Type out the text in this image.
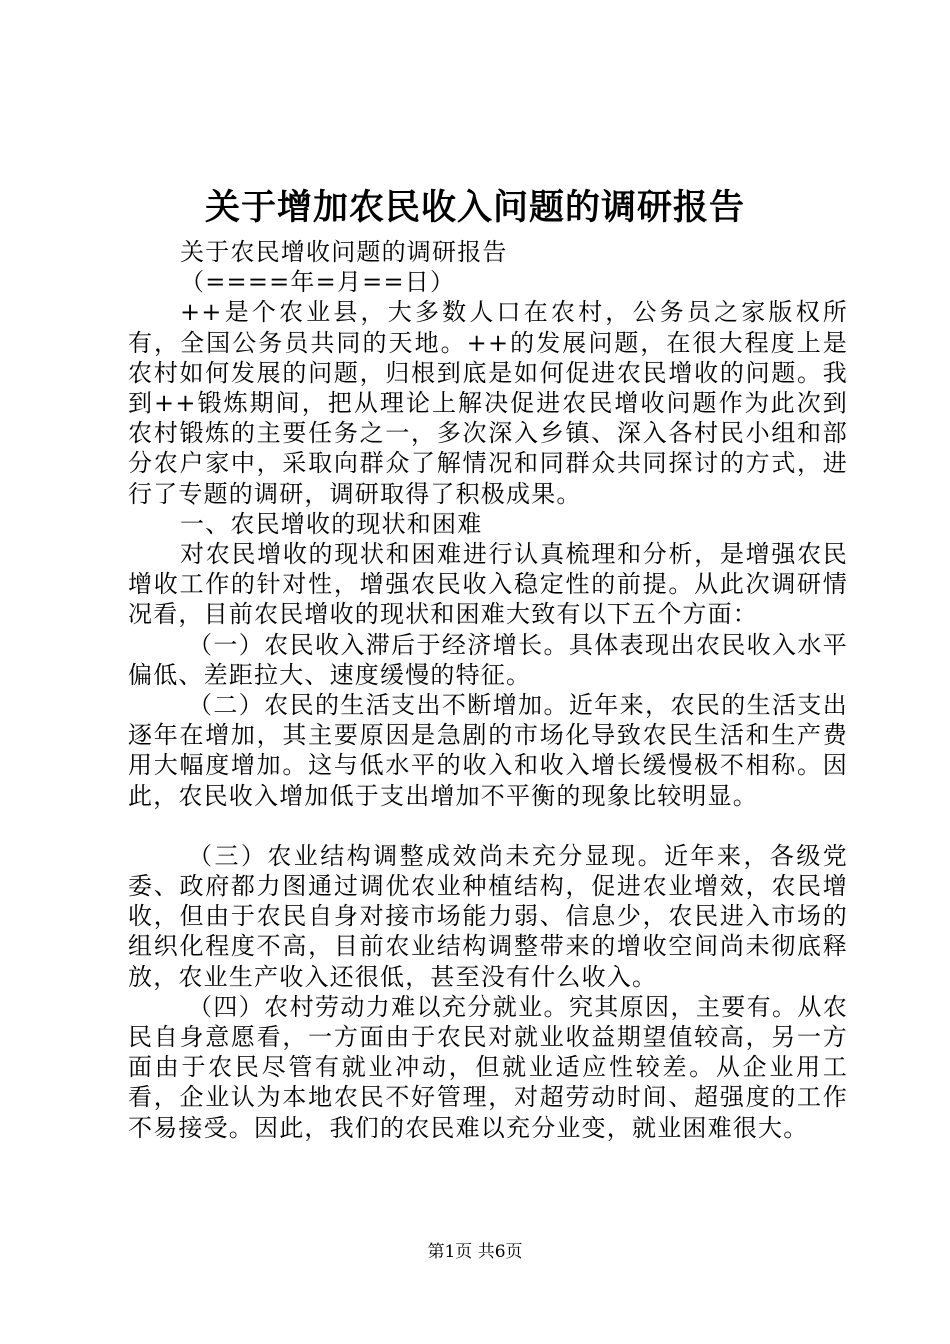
关于增加农民收入问题的调研报告

关于农民增收问题的调研报告

（====年=月==日）

++是个农业县，大多数人口在农村，公务员之家版权所有，全国公务员共同的天地。++的发展问题，在很大程度上是农村如何发展的问题，归根到底是如何促进农民增收的问题。我到++锻炼期间，把从理论上解决促进农民增收问题作为此次到农村锻炼的主要任务之一，多次深入乡镇、深入各村民小组和部分农户家中，采取向群众了解情况和同群众共同探讨的方式，进行了专题的调研，调研取得了积极成果。

一、农民增收的现状和困难

对农民增收的现状和困难进行认真梳理和分析，是增强农民增收工作的针对性，增强农民收入稳定性的前提。从此次调研情况看，目前农民增收的现状和困难大致有以下五个方面：

（一）农民收入滞后于经济增长。具体表现出农民收入水平偏低、差距拉大、速度缓慢的特征。

（二）农民的生活支出不断增加。近年来，农民的生活支出逐年在增加，其主要原因是急剧的市场化导致农民生活和生产费用大幅度增加。这与低水平的收入和收入增长缓慢极不相称。因此，农民收入增加低于支出增加不平衡的现象比较明显。

（三）农业结构调整成效尚未充分显现。近年来，各级党委、政府都力图通过调优农业种植结构，促进农业增效，农民增收，但由于农民自身对接市场能力弱、信息少，农民进入市场的组织化程度不高，目前农业结构调整带来的增收空间尚未彻底释放，农业生产收入还很低，甚至没有什么收入。

（四）农村劳动力难以充分就业。究其原因，主要有。从农民自身意愿看，一方面由于农民对就业收益期望值较高，另一方面由于农民尽管有就业冲动，但就业适应性较差。从企业用工看，企业认为本地农民不好管理，对超劳动时间、超强度的工作不易接受。因此，我们的农民难以充分业变，就业困难很大。

第1页 共6页
